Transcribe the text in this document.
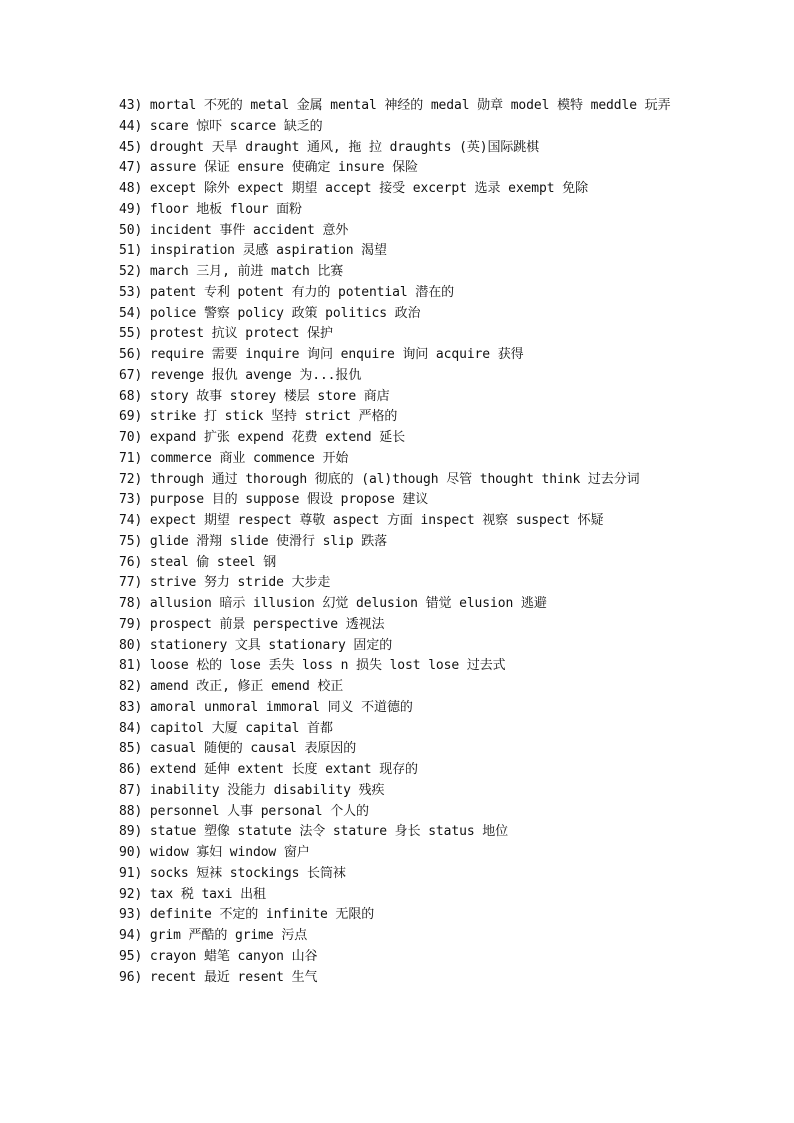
43) mortal 不死的 metal 金属 mental 神经的 medal 勋章 model 模特 meddle 玩弄

44) scare 惊吓 scarce 缺乏的

45) drought 天旱 draught 通风, 拖 拉 draughts (英)国际跳棋

47) assure 保证 ensure 使确定 insure 保险

48) except 除外 expect 期望 accept 接受 excerpt 选录 exempt 免除

49) floor 地板 flour 面粉

50) incident 事件 accident 意外

51) inspiration 灵感 aspiration 渴望

52) march 三月, 前进 match 比赛

53) patent 专利 potent 有力的 potential 潜在的

54) police 警察 policy 政策 politics 政治

55) protest 抗议 protect 保护

56) require 需要 inquire 询问 enquire 询问 acquire 获得

67) revenge 报仇 avenge 为...报仇

68) story 故事 storey 楼层 store 商店

69) strike 打 stick 坚持 strict 严格的

70) expand 扩张 expend 花费 extend 延长

71) commerce 商业 commence 开始

72) through 通过 thorough 彻底的 (al)though 尽管 thought think 过去分词

73) purpose 目的 suppose 假设 propose 建议

74) expect 期望 respect 尊敬 aspect 方面 inspect 视察 suspect 怀疑

75) glide 滑翔 slide 使滑行 slip 跌落

76) steal 偷 steel 钢

77) strive 努力 stride 大步走

78) allusion 暗示 illusion 幻觉 delusion 错觉 elusion 逃避

79) prospect 前景 perspective 透视法

80) stationery 文具 stationary 固定的

81) loose 松的 lose 丢失 loss n 损失 lost lose 过去式

82) amend 改正, 修正 emend 校正

83) amoral unmoral immoral 同义 不道德的

84) capitol 大厦 capital 首都

85) casual 随便的 causal 表原因的

86) extend 延伸 extent 长度 extant 现存的

87) inability 没能力 disability 残疾

88) personnel 人事 personal 个人的

89) statue 塑像 statute 法令 stature 身长 status 地位

90) widow 寡妇 window 窗户

91) socks 短袜 stockings 长筒袜

92) tax 税 taxi 出租

93) definite 不定的 infinite 无限的

94) grim 严酷的 grime 污点

95) crayon 蜡笔 canyon 山谷

96) recent 最近 resent 生气
